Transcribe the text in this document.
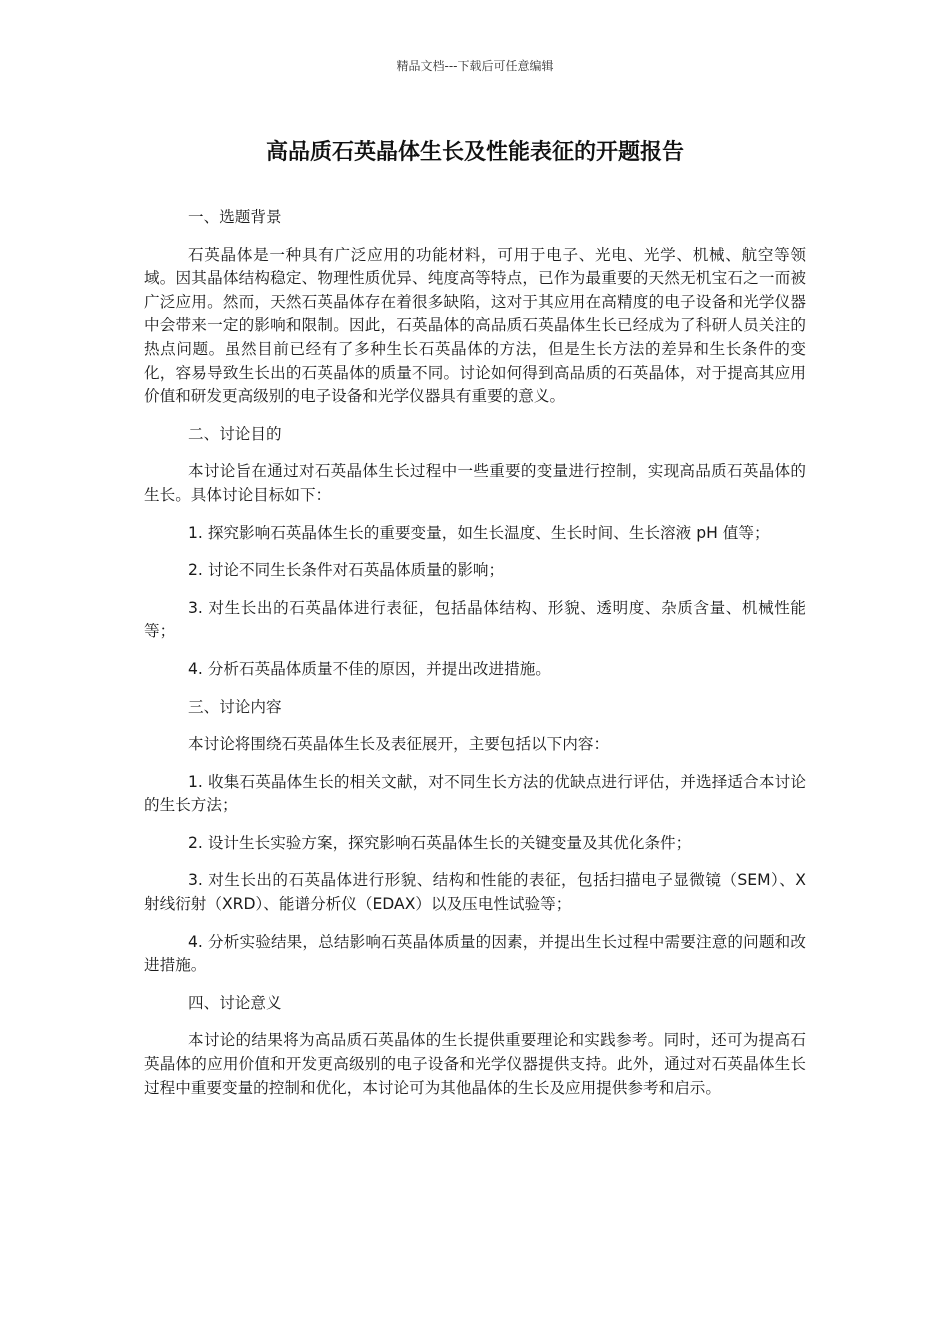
精品文档---下载后可任意编辑
高品质石英晶体生长及性能表征的开题报告
一、选题背景
石英晶体是一种具有广泛应用的功能材料，可用于电子、光电、光学、机械、航空等领域。因其晶体结构稳定、物理性质优异、纯度高等特点，已作为最重要的天然无机宝石之一而被广泛应用。然而，天然石英晶体存在着很多缺陷，这对于其应用在高精度的电子设备和光学仪器中会带来一定的影响和限制。因此，石英晶体的高品质石英晶体生长已经成为了科研人员关注的热点问题。虽然目前已经有了多种生长石英晶体的方法，但是生长方法的差异和生长条件的变化，容易导致生长出的石英晶体的质量不同。讨论如何得到高品质的石英晶体，对于提高其应用价值和研发更高级别的电子设备和光学仪器具有重要的意义。
二、讨论目的
本讨论旨在通过对石英晶体生长过程中一些重要的变量进行控制，实现高品质石英晶体的生长。具体讨论目标如下：
1. 探究影响石英晶体生长的重要变量，如生长温度、生长时间、生长溶液 pH 值等；
2. 讨论不同生长条件对石英晶体质量的影响；
3. 对生长出的石英晶体进行表征，包括晶体结构、形貌、透明度、杂质含量、机械性能等；
4. 分析石英晶体质量不佳的原因，并提出改进措施。
三、讨论内容
本讨论将围绕石英晶体生长及表征展开，主要包括以下内容：
1. 收集石英晶体生长的相关文献，对不同生长方法的优缺点进行评估，并选择适合本讨论的生长方法；
2. 设计生长实验方案，探究影响石英晶体生长的关键变量及其优化条件；
3. 对生长出的石英晶体进行形貌、结构和性能的表征，包括扫描电子显微镜（SEM）、X 射线衍射（XRD）、能谱分析仪（EDAX）以及压电性试验等；
4. 分析实验结果，总结影响石英晶体质量的因素，并提出生长过程中需要注意的问题和改进措施。
四、讨论意义
本讨论的结果将为高品质石英晶体的生长提供重要理论和实践参考。同时，还可为提高石英晶体的应用价值和开发更高级别的电子设备和光学仪器提供支持。此外，通过对石英晶体生长过程中重要变量的控制和优化，本讨论可为其他晶体的生长及应用提供参考和启示。
